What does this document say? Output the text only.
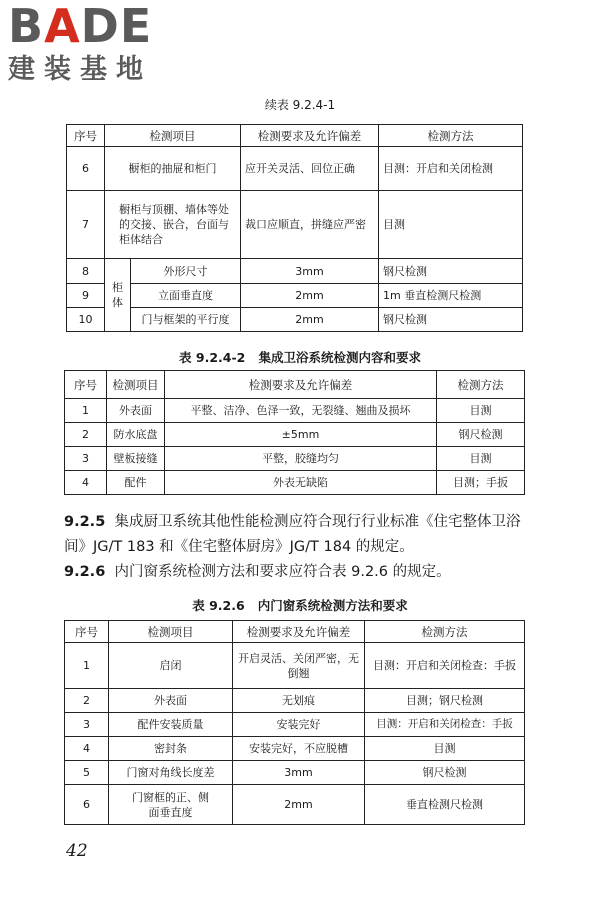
BADE
建装基地
续表 9.2.4-1
序号	检测项目		检测要求及允许偏差	检测方法
6	橱柜的抽屉和柜门		应开关灵活、回位正确	目测：开启和关闭检测
7	橱柜与顶棚、墙体等处的交接、嵌合，台面与柜体结合		裁口应顺直，拼缝应严密	目测
8	柜体	外形尺寸	3mm	钢尺检测
9		立面垂直度	2mm	1m 垂直检测尺检测
10		门与框架的平行度	2mm	钢尺检测
表 9.2.4-2 集成卫浴系统检测内容和要求
序号	检测项目	检测要求及允许偏差	检测方法
1	外表面	平整、洁净、色泽一致，无裂缝、翘曲及损坏	目测
2	防水底盘	±5mm	钢尺检测
3	壁板接缝	平整，胶缝均匀	目测
4	配件	外表无缺陷	目测；手扳
9.2.5 集成厨卫系统其他性能检测应符合现行行业标准《住宅整体卫浴间》JG/T 183 和《住宅整体厨房》JG/T 184 的规定。
9.2.6 内门窗系统检测方法和要求应符合表 9.2.6 的规定。
表 9.2.6 内门窗系统检测方法和要求
序号	检测项目	检测要求及允许偏差	检测方法
1	启闭	开启灵活、关闭严密，无倒翘	目测：开启和关闭检查：手扳
2	外表面	无划痕	目测；钢尺检测
3	配件安装质量	安装完好	目测：开启和关闭检查：手扳
4	密封条	安装完好，不应脱槽	目测
5	门窗对角线长度差	3mm	钢尺检测
6	门窗框的正、侧面垂直度	2mm	垂直检测尺检测
42
